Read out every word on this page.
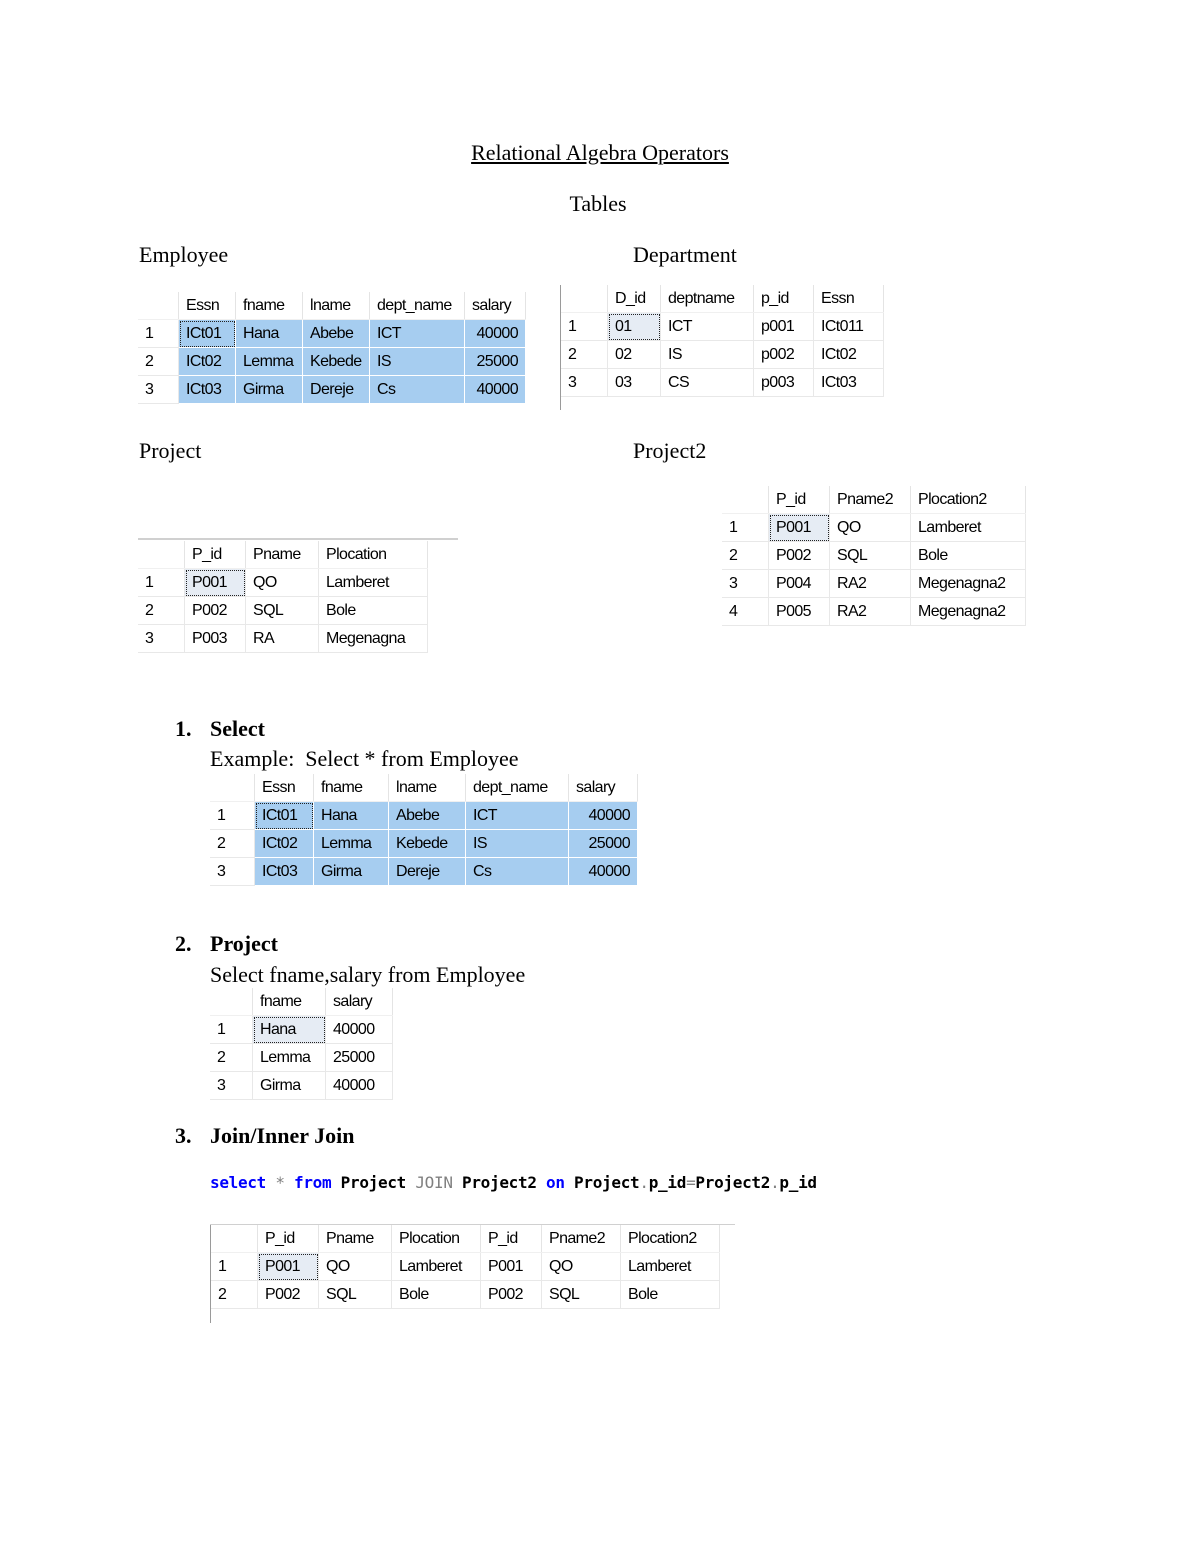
Relational Algebra Operators
Tables
Employee	Department
Project	Project2
	Essn	fname	lname	dept_name	salary
1	ICt01	Hana	Abebe	ICT	40000
2	ICt02	Lemma	Kebede	IS	25000
3	ICt03	Girma	Dereje	Cs	40000
	D_id	deptname	p_id	Essn
1	01	ICT	p001	ICt011
2	02	IS	p002	ICt02
3	03	CS	p003	ICt03
	P_id	Pname	Plocation
1	P001	QO	Lamberet
2	P002	SQL	Bole
3	P003	RA	Megenagna
	P_id	Pname2	Plocation2
1	P001	QO	Lamberet
2	P002	SQL	Bole
3	P004	RA2	Megenagna2
4	P005	RA2	Megenagna2
1. Select
Example:  Select * from Employee
	Essn	fname	lname	dept_name	salary
1	ICt01	Hana	Abebe	ICT	40000
2	ICt02	Lemma	Kebede	IS	25000
3	ICt03	Girma	Dereje	Cs	40000
2. Project
Select fname,salary from Employee
	fname	salary
1	Hana	40000
2	Lemma	25000
3	Girma	40000
3. Join/Inner Join
select * from Project JOIN Project2 on Project.p_id=Project2.p_id
	P_id	Pname	Plocation	P_id	Pname2	Plocation2
1	P001	QO	Lamberet	P001	QO	Lamberet
2	P002	SQL	Bole	P002	SQL	Bole
